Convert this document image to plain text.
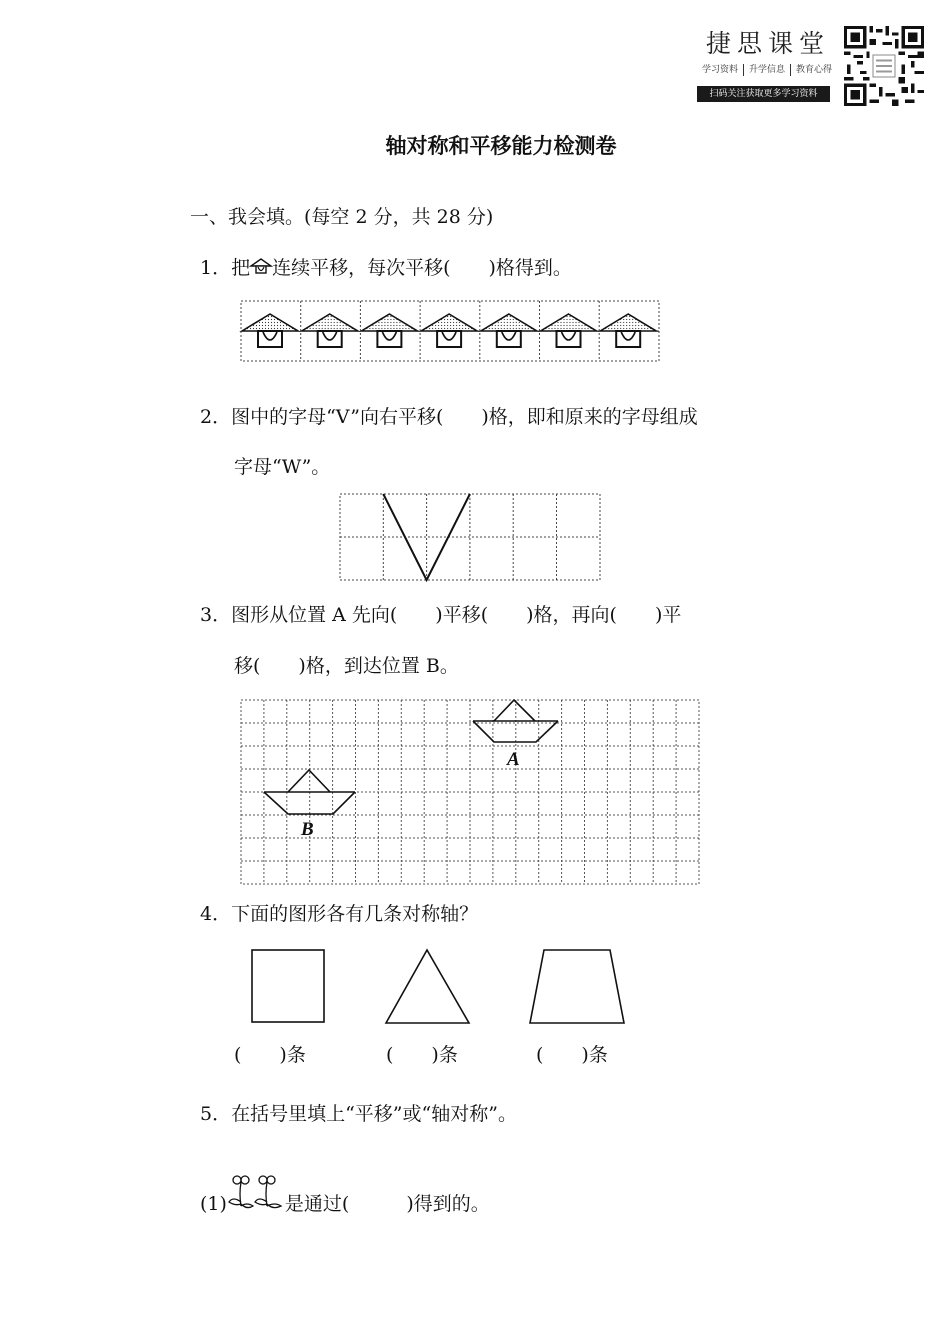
捷思课堂
学习资料	升学信息	教育心得
扫码关注获取更多学习资料
轴对称和平移能力检测卷
一、我会填。(每空 2 分，共 28 分)
1．把 连续平移，每次平移(　　)格得到。
2．图中的字母“V”向右平移(　　)格，即和原来的字母组成
字母“W”。
3．图形从位置 A 先向(　　)平移(　　)格，再向(　　)平
移(　　)格，到达位置 B。
A
B
4．下面的图形各有几条对称轴？
(　　)条	(　　)条	(　　)条
5．在括号里填上“平移”或“轴对称”。
(1)	是通过(　　　)得到的。
